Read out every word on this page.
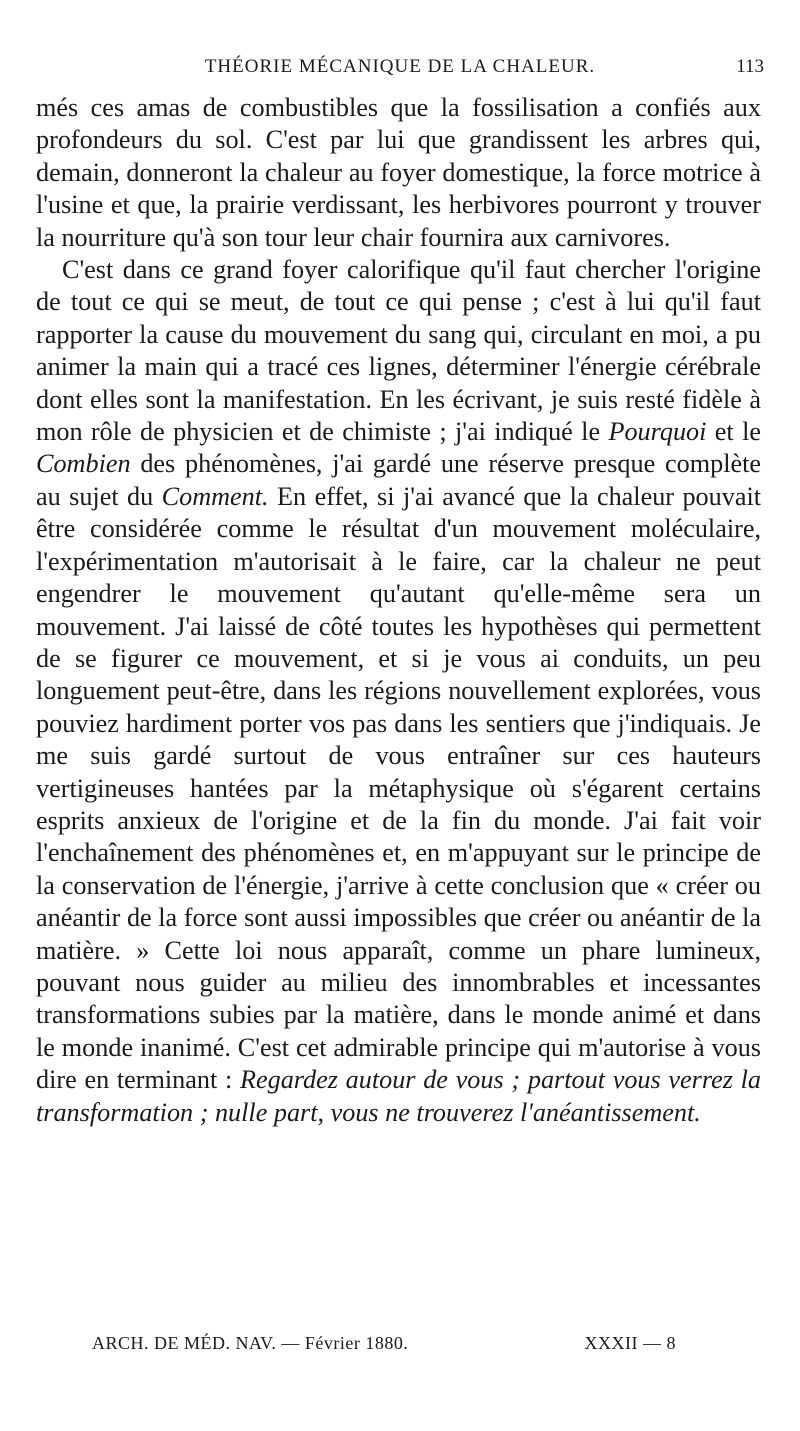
THÉORIE MÉCANIQUE DE LA CHALEUR.	113

més ces amas de combustibles que la fossilisation a confiés aux profondeurs du sol. C'est par lui que grandissent les arbres qui, demain, donneront la chaleur au foyer domestique, la force motrice à l'usine et que, la prairie verdissant, les herbivores pourront y trouver la nourriture qu'à son tour leur chair fournira aux carnivores.

C'est dans ce grand foyer calorifique qu'il faut chercher l'origine de tout ce qui se meut, de tout ce qui pense ; c'est à lui qu'il faut rapporter la cause du mouvement du sang qui, circulant en moi, a pu animer la main qui a tracé ces lignes, déterminer l'énergie cérébrale dont elles sont la manifestation. En les écrivant, je suis resté fidèle à mon rôle de physicien et de chimiste ; j'ai indiqué le Pourquoi et le Combien des phénomènes, j'ai gardé une réserve presque complète au sujet du Comment. En effet, si j'ai avancé que la chaleur pouvait être considérée comme le résultat d'un mouvement moléculaire, l'expérimentation m'autorisait à le faire, car la chaleur ne peut engendrer le mouvement qu'autant qu'elle-même sera un mouvement. J'ai laissé de côté toutes les hypothèses qui permettent de se figurer ce mouvement, et si je vous ai conduits, un peu longuement peut-être, dans les régions nouvellement explorées, vous pouviez hardiment porter vos pas dans les sentiers que j'indiquais. Je me suis gardé surtout de vous entraîner sur ces hauteurs vertigineuses hantées par la métaphysique où s'égarent certains esprits anxieux de l'origine et de la fin du monde. J'ai fait voir l'enchaînement des phénomènes et, en m'appuyant sur le principe de la conservation de l'énergie, j'arrive à cette conclusion que « créer ou anéantir de la force sont aussi impossibles que créer ou anéantir de la matière. » Cette loi nous apparaît, comme un phare lumineux, pouvant nous guider au milieu des innombrables et incessantes transformations subies par la matière, dans le monde animé et dans le monde inanimé. C'est cet admirable principe qui m'autorise à vous dire en terminant : Regardez autour de vous ; partout vous verrez la transformation ; nulle part, vous ne trouverez l'anéantissement.

ARCH. DE MÉD. NAV. — Février 1880.	XXXII — 8
